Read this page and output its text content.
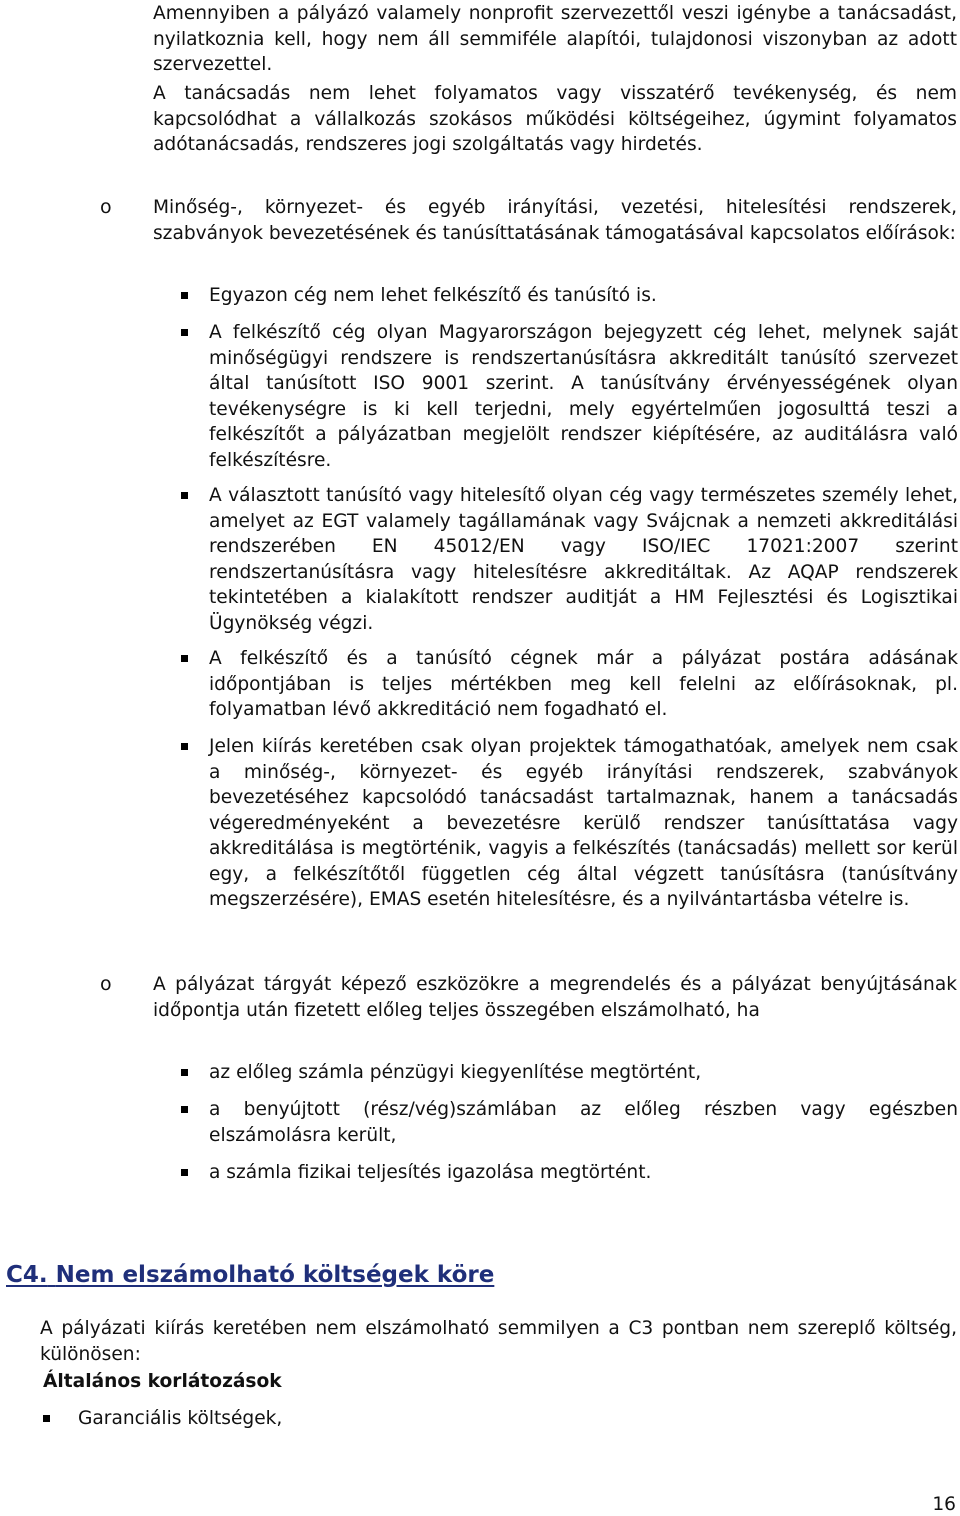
Amennyiben a pályázó valamely nonprofit szervezettől veszi igénybe a tanácsadást, nyilatkoznia kell, hogy nem áll semmiféle alapítói, tulajdonosi viszonyban az adott szervezettel.

A tanácsadás nem lehet folyamatos vagy visszatérő tevékenység, és nem kapcsolódhat a vállalkozás szokásos működési költségeihez, úgymint folyamatos adótanácsadás, rendszeres jogi szolgáltatás vagy hirdetés.

o Minőség-, környezet- és egyéb irányítási, vezetési, hitelesítési rendszerek, szabványok bevezetésének és tanúsíttatásának támogatásával kapcsolatos előírások:

Egyazon cég nem lehet felkészítő és tanúsító is.

A felkészítő cég olyan Magyarországon bejegyzett cég lehet, melynek saját minőségügyi rendszere is rendszertanúsításra akkreditált tanúsító szervezet által tanúsított ISO 9001 szerint. A tanúsítvány érvényességének olyan tevékenységre is ki kell terjedni, mely egyértelműen jogosulttá teszi a felkészítőt a pályázatban megjelölt rendszer kiépítésére, az auditálásra való felkészítésre.

A választott tanúsító vagy hitelesítő olyan cég vagy természetes személy lehet, amelyet az EGT valamely tagállamának vagy Svájcnak a nemzeti akkreditálási rendszerében EN 45012/EN vagy ISO/IEC 17021:2007 szerint rendszertanúsításra vagy hitelesítésre akkreditáltak. Az AQAP rendszerek tekintetében a kialakított rendszer auditját a HM Fejlesztési és Logisztikai Ügynökség végzi.

A felkészítő és a tanúsító cégnek már a pályázat postára adásának időpontjában is teljes mértékben meg kell felelni az előírásoknak, pl. folyamatban lévő akkreditáció nem fogadható el.

Jelen kiírás keretében csak olyan projektek támogathatóak, amelyek nem csak a minőség-, környezet- és egyéb irányítási rendszerek, szabványok bevezetéséhez kapcsolódó tanácsadást tartalmaznak, hanem a tanácsadás végeredményeként a bevezetésre kerülő rendszer tanúsíttatása vagy akkreditálása is megtörténik, vagyis a felkészítés (tanácsadás) mellett sor kerül egy, a felkészítőtől független cég által végzett tanúsításra (tanúsítvány megszerzésére), EMAS esetén hitelesítésre, és a nyilvántartásba vételre is.

o A pályázat tárgyát képező eszközökre a megrendelés és a pályázat benyújtásának időpontja után fizetett előleg teljes összegében elszámolható, ha

az előleg számla pénzügyi kiegyenlítése megtörtént,

a benyújtott (rész/vég)számlában az előleg részben vagy egészben elszámolásra került,

a számla fizikai teljesítés igazolása megtörtént.

C4. Nem elszámolható költségek köre

A pályázati kiírás keretében nem elszámolható semmilyen a C3 pontban nem szereplő költség, különösen:

Általános korlátozások

Garanciális költségek,

16
